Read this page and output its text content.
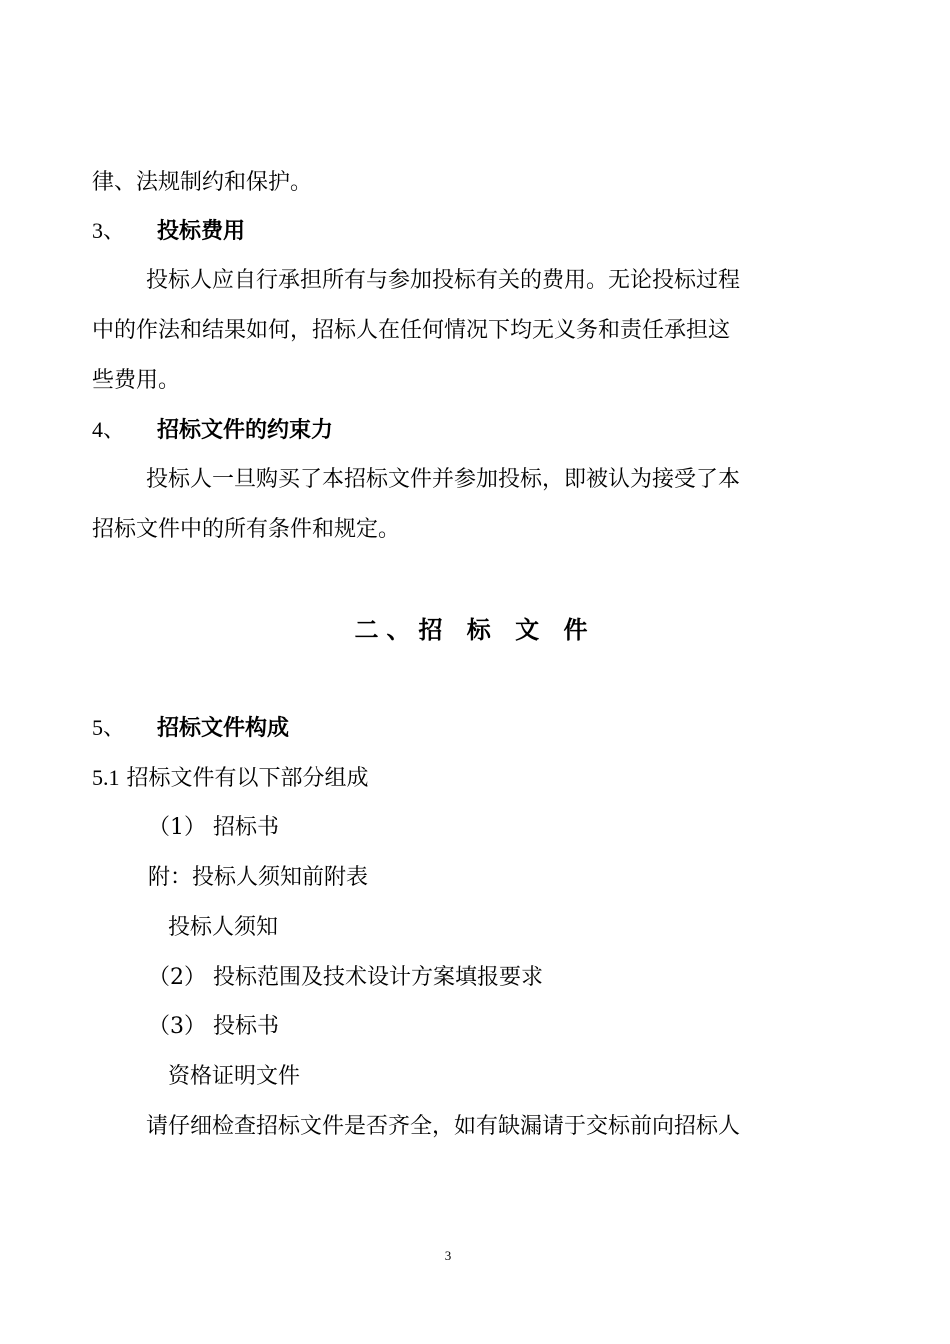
律、法规制约和保护。
3、 投标费用
投标人应自行承担所有与参加投标有关的费用。无论投标过程
中的作法和结果如何，招标人在任何情况下均无义务和责任承担这
些费用。
4、 招标文件的约束力
投标人一旦购买了本招标文件并参加投标，即被认为接受了本
招标文件中的所有条件和规定。
二、招 标 文 件
5、 招标文件构成
5.1 招标文件有以下部分组成
（1） 招标书
附：投标人须知前附表
投标人须知
（2） 投标范围及技术设计方案填报要求
（3） 投标书
资格证明文件
请仔细检查招标文件是否齐全，如有缺漏请于交标前向招标人
3
